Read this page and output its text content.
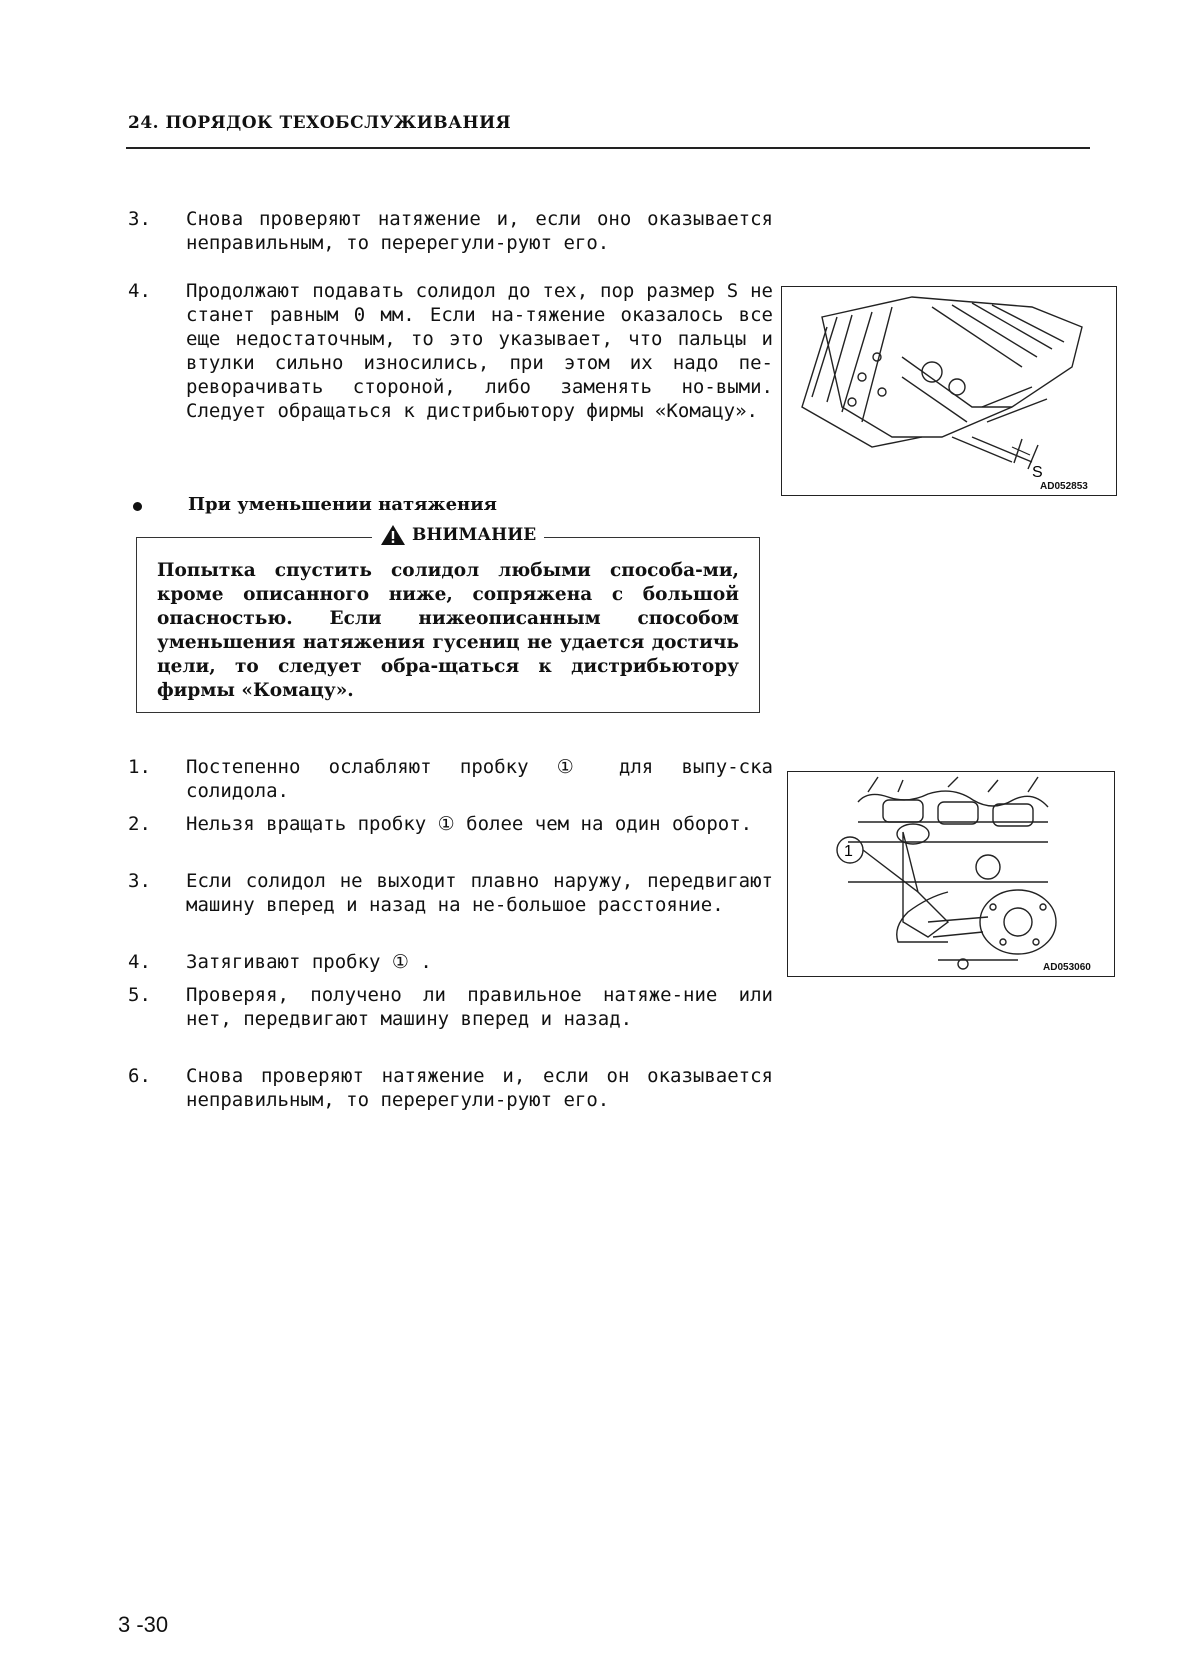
24. ПОРЯДОК ТЕХОБСЛУЖИВАНИЯ
3. Снова проверяют натяжение и, если оно оказывается неправильным, то перерегули-руют его.
4. Продолжают подавать солидол до тех, пор размер S не станет равным 0 мм. Если на-тяжение оказалось все еще недостаточным, то это указывает, что пальцы и втулки сильно износились, при этом их надо пе-реворачивать стороной, либо заменять но-выми. Следует обращаться к дистрибьютору фирмы «Комацу».
S
AD052853
При уменьшении натяжения
ВНИМАНИЕ
Попытка спустить солидол любыми способа-ми, кроме описанного ниже, сопряжена с большой опасностью. Если нижеописанным способом уменьшения натяжения гусениц не удается достичь цели, то следует обра-щаться к дистрибьютору фирмы «Комацу».
1. Постепенно ослабляют пробку ① для выпу-ска солидола.
2. Нельзя вращать пробку ① более чем на один оборот.
3. Если солидол не выходит плавно наружу, передвигают машину вперед и назад на не-большое расстояние.
4. Затягивают пробку ① .
5. Проверяя, получено ли правильное натяже-ние или нет, передвигают машину вперед и назад.
6. Снова проверяют натяжение и, если он оказывается неправильным, то перерегули-руют его.
1
AD053060
3 -30
